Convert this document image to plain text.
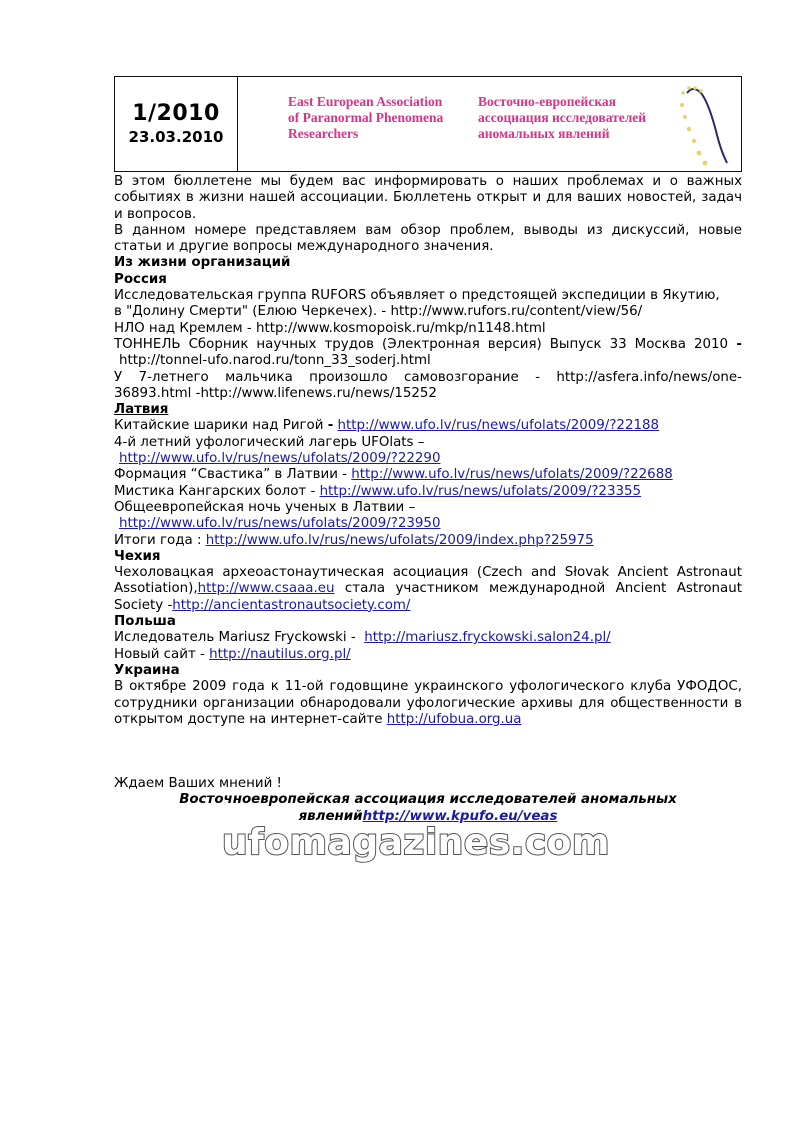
1/2010
23.03.2010
East European Association
of Paranormal Phenomena
Researchers
Восточно-европейская
ассоциация исследователей
аномальных явлений

В этом бюллетене мы будем вас информировать о наших проблемах и о важных событиях в жизни нашей ассоциации. Бюллетень открыт и для ваших новостей, задач и вопросов.

В данном номере представляем вам обзор проблем, выводы из дискуссий, новые статьи и другие вопросы международного значения.

Из жизни организаций

Россия

Исследовательская группа RUFORS объявляет о предстоящей экспедиции в Якутию,

в "Долину Смерти" (Елюю Черкечех). - http://www.rufors.ru/content/view/56/

НЛО над Кремлем - http://www.kosmopoisk.ru/mkp/n1148.html

ТОННЕЛЬ Сборник научных трудов (Электронная версия) Выпуск 33 Москва 2010 -

http://tonnel-ufo.narod.ru/tonn_33_soderj.html

У 7-летнего мальчика произошло самовозгорание - http://asfera.info/news/one-

36893.html -http://www.lifenews.ru/news/15252

Латвия

Китайские шарики над Ригой - http://www.ufo.lv/rus/news/ufolats/2009/?22188

4-й летний уфологический лагерь UFOlats –

http://www.ufo.lv/rus/news/ufolats/2009/?22290

Формация “Свастика” в Латвии - http://www.ufo.lv/rus/news/ufolats/2009/?22688

Мистика Кангарских болот - http://www.ufo.lv/rus/news/ufolats/2009/?23355

Общеевропейская ночь ученых в Латвии –

http://www.ufo.lv/rus/news/ufolats/2009/?23950

Итоги года : http://www.ufo.lv/rus/news/ufolats/2009/index.php?25975

Чехия

Чехоловацкая археоастонаутическая асоциация (Czech and Słovak Ancient Astronaut Assotiation),http://www.csaaa.eu стала участником международной Ancient Astronaut Society -http://ancientastronautsociety.com/

Польша

Иследователь Mariusz Fryckowski -  http://mariusz.fryckowski.salon24.pl/

Новый сайт - http://nautilus.org.pl/

Украина

В октябре 2009 года к 11-ой годовщине украинского уфологического клуба УФОДОС, сотрудники организации обнародовали уфологические архивы для общественности в открытом доступе на интернет-сайте http://ufobua.org.ua

Ждаем Ваших мнений !

Восточноевропейская ассоциация исследователей аномальных явленийhttp://www.kpufo.eu/veas

ufomagazines.com
